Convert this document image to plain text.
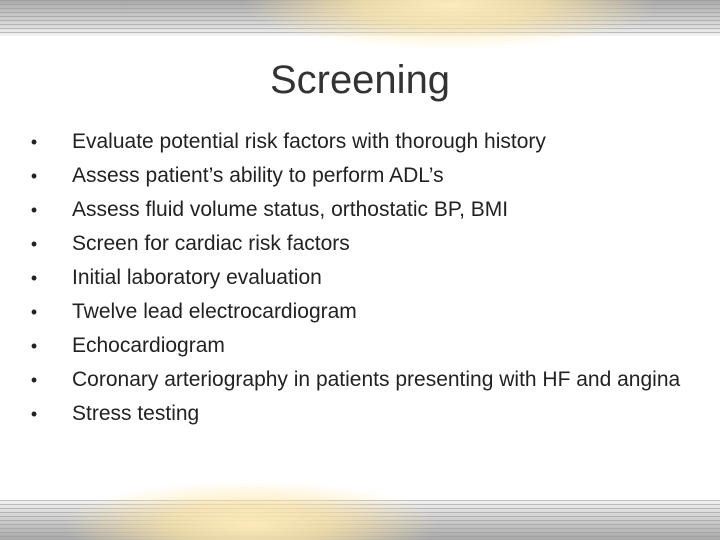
Screening
• Evaluate potential risk factors with thorough history
• Assess patient’s ability to perform ADL’s
• Assess fluid volume status, orthostatic BP, BMI
• Screen for cardiac risk factors
• Initial laboratory evaluation
• Twelve lead electrocardiogram
• Echocardiogram
• Coronary arteriography in patients presenting with HF and angina
• Stress testing
